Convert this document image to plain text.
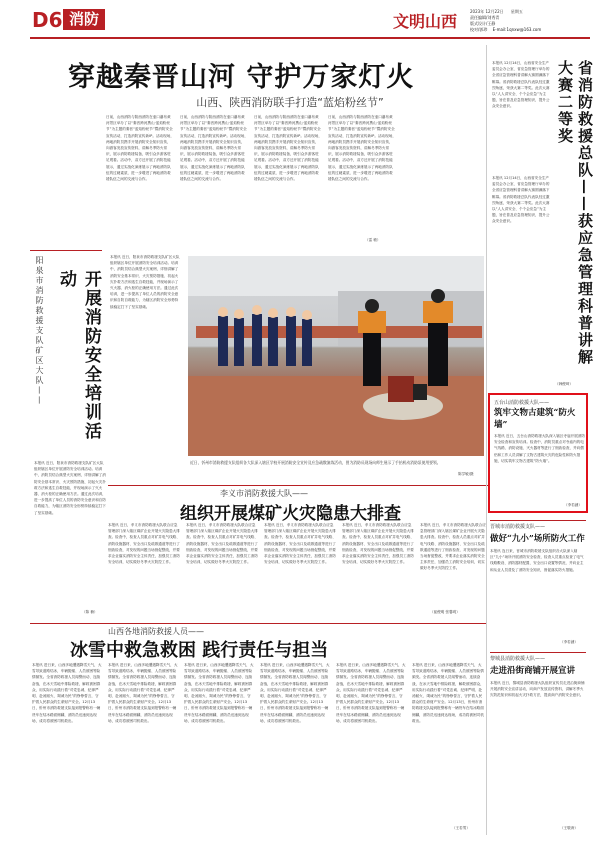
D6 消防	文明山西
2023年 12月22日 星期五
责任编辑/刘秀青
版式设计/王静
校对/郭珍 E-mail:1qnxw@163.com
穿越秦晋山河 守护万家灯火
山西、陕西消防联手打造“蓝焰粉丝节”
日前，山西消防与陕西消防在壶口瀑布黄河景区举办了以“秦晋跨河携山·蓝焰粉丝节”为主题的秦晋“蓝焰粉丝节”暨消防安全宣传活动，打造消防宣传新IP。活动现场，两地消防员携手开展消防安全知识宣传，向游客发放宣传资料，讲解冬季防火常识，展示消防救援装备，吸引众多游客驻足观看。活动中，双方还开展了消防技能展示，通过实战化演练展示了两地消防队伍的过硬素质，进一步增进了两地消防救援队伍之间的交流与合作。
日前，山西消防与陕西消防在壶口瀑布黄河景区举办了以“秦晋跨河携山·蓝焰粉丝节”为主题的秦晋“蓝焰粉丝节”暨消防安全宣传活动，打造消防宣传新IP。活动现场，两地消防员携手开展消防安全知识宣传，向游客发放宣传资料，讲解冬季防火常识，展示消防救援装备，吸引众多游客驻足观看。活动中，双方还开展了消防技能展示，通过实战化演练展示了两地消防队伍的过硬素质，进一步增进了两地消防救援队伍之间的交流与合作。
日前，山西消防与陕西消防在壶口瀑布黄河景区举办了以“秦晋跨河携山·蓝焰粉丝节”为主题的秦晋“蓝焰粉丝节”暨消防安全宣传活动，打造消防宣传新IP。活动现场，两地消防员携手开展消防安全知识宣传，向游客发放宣传资料，讲解冬季防火常识，展示消防救援装备，吸引众多游客驻足观看。活动中，双方还开展了消防技能展示，通过实战化演练展示了两地消防队伍的过硬素质，进一步增进了两地消防救援队伍之间的交流与合作。
日前，山西消防与陕西消防在壶口瀑布黄河景区举办了以“秦晋跨河携山·蓝焰粉丝节”为主题的秦晋“蓝焰粉丝节”暨消防安全宣传活动，打造消防宣传新IP。活动现场，两地消防员携手开展消防安全知识宣传，向游客发放宣传资料，讲解冬季防火常识，展示消防救援装备，吸引众多游客驻足观看。活动中，双方还开展了消防技能展示，通过实战化演练展示了两地消防队伍的过硬素质，进一步增进了两地消防救援队伍之间的交流与合作。
（雷 敏）
阳泉市消防救援支队矿区大队——	开展消防安全培训活动
本报讯 近日，阳泉市消防救援支队矿区大队组织辖区单位开展消防安全培训活动。培训中，消防员结合典型火灾案例，详细讲解了消防安全基本常识、火灾预防措施、初起火灾扑救方法和逃生自救技能，并现场演示了灭火器、消火栓的正确使用方法。通过此次培训，进一步提高了单位人员的消防安全意识和自防自救能力，为辖区消防安全形势持续稳定打下了坚实基础。
本报讯 近日，阳泉市消防救援支队矿区大队组织辖区单位开展消防安全培训活动。培训中，消防员结合典型火灾案例，详细讲解了消防安全基本常识、火灾预防措施、初起火灾扑救方法和逃生自救技能，并现场演示了灭火器、消火栓的正确使用方法。通过此次培训，进一步提高了单位人员的消防安全意识和自防自救能力，为辖区消防安全形势持续稳定打下了坚实基础。
（陈 楠）
近日，忻州市消防救援支队组织各大队深入辖区学校开展消防安全宣传及应急疏散演练活动，图为消防员现场向师生展示了手抬机动消防泵使用要领。
陈学敏/摄
李义市消防救援大队——
组织开展煤矿火灾隐患大排查
本报讯 近日，孝义市消防救援大队联合应急管理部门深入辖区煤矿企业开展火灾隐患大排查。检查中，检查人员重点对矿井电气线路、消防设施器材、安全出口及疏散通道等进行了细致检查，对发现的问题当场督促整改，并要求企业落实消防安全主体责任，加强员工消防安全培训，切实做好冬季火灾防控工作。
本报讯 近日，孝义市消防救援大队联合应急管理部门深入辖区煤矿企业开展火灾隐患大排查。检查中，检查人员重点对矿井电气线路、消防设施器材、安全出口及疏散通道等进行了细致检查，对发现的问题当场督促整改，并要求企业落实消防安全主体责任，加强员工消防安全培训，切实做好冬季火灾防控工作。
本报讯 近日，孝义市消防救援大队联合应急管理部门深入辖区煤矿企业开展火灾隐患大排查。检查中，检查人员重点对矿井电气线路、消防设施器材、安全出口及疏散通道等进行了细致检查，对发现的问题当场督促整改，并要求企业落实消防安全主体责任，加强员工消防安全培训，切实做好冬季火灾防控工作。
本报讯 近日，孝义市消防救援大队联合应急管理部门深入辖区煤矿企业开展火灾隐患大排查。检查中，检查人员重点对矿井电气线路、消防设施器材、安全出口及疏散通道等进行了细致检查，对发现的问题当场督促整改，并要求企业落实消防安全主体责任，加强员工消防安全培训，切实做好冬季火灾防控工作。
本报讯 近日，孝义市消防救援大队联合应急管理部门深入辖区煤矿企业开展火灾隐患大排查。检查中，检查人员重点对矿井电气线路、消防设施器材、安全出口及疏散通道等进行了细致检查，对发现的问题当场督促整改，并要求企业落实消防安全主体责任，加强员工消防安全培训，切实做好冬季火灾防控工作。
（崔俊明 张馨玥）
山西各地消防救援人员——
冰雪中救急救困 践行责任与担当
本报讯 进日来，山西多地遭遇降雪天气，大雪导致道路结冰，车辆抛锚、人员被困等险情频发。全省消防救援人员闻警而动、连续奋战，在冰天雪地中排险救援，解救被困群众，用实际行动践行着“对党忠诚、纪律严明、赴汤蹈火、竭诚为民”的铮铮誓言，守护着人民群众的生命财产安全。12月13日，忻州市消防救援支队接到报警称有一辆货车在结冰路面侧翻，消防员迅速到达现场，成功将被困司机救出。
本报讯 进日来，山西多地遭遇降雪天气，大雪导致道路结冰，车辆抛锚、人员被困等险情频发。全省消防救援人员闻警而动、连续奋战，在冰天雪地中排险救援，解救被困群众，用实际行动践行着“对党忠诚、纪律严明、赴汤蹈火、竭诚为民”的铮铮誓言，守护着人民群众的生命财产安全。12月13日，忻州市消防救援支队接到报警称有一辆货车在结冰路面侧翻，消防员迅速到达现场，成功将被困司机救出。
本报讯 进日来，山西多地遭遇降雪天气，大雪导致道路结冰，车辆抛锚、人员被困等险情频发。全省消防救援人员闻警而动、连续奋战，在冰天雪地中排险救援，解救被困群众，用实际行动践行着“对党忠诚、纪律严明、赴汤蹈火、竭诚为民”的铮铮誓言，守护着人民群众的生命财产安全。12月13日，忻州市消防救援支队接到报警称有一辆货车在结冰路面侧翻，消防员迅速到达现场，成功将被困司机救出。
本报讯 进日来，山西多地遭遇降雪天气，大雪导致道路结冰，车辆抛锚、人员被困等险情频发。全省消防救援人员闻警而动、连续奋战，在冰天雪地中排险救援，解救被困群众，用实际行动践行着“对党忠诚、纪律严明、赴汤蹈火、竭诚为民”的铮铮誓言，守护着人民群众的生命财产安全。12月13日，忻州市消防救援支队接到报警称有一辆货车在结冰路面侧翻，消防员迅速到达现场，成功将被困司机救出。
本报讯 进日来，山西多地遭遇降雪天气，大雪导致道路结冰，车辆抛锚、人员被困等险情频发。全省消防救援人员闻警而动、连续奋战，在冰天雪地中排险救援，解救被困群众，用实际行动践行着“对党忠诚、纪律严明、赴汤蹈火、竭诚为民”的铮铮誓言，守护着人民群众的生命财产安全。12月13日，忻州市消防救援支队接到报警称有一辆货车在结冰路面侧翻，消防员迅速到达现场，成功将被困司机救出。
本报讯 进日来，山西多地遭遇降雪天气，大雪导致道路结冰，车辆抛锚、人员被困等险情频发。全省消防救援人员闻警而动、连续奋战，在冰天雪地中排险救援，解救被困群众，用实际行动践行着“对党忠诚、纪律严明、赴汤蹈火、竭诚为民”的铮铮誓言，守护着人民群众的生命财产安全。12月13日，忻州市消防救援支队接到报警称有一辆货车在结冰路面侧翻，消防员迅速到达现场，成功将被困司机救出。
（王若男）
本报讯 12月14日，山西省安全生产委员会办公室、省应急管理厅举办的全省应急管理科普讲解大赛圆满落下帷幕。省消防救援总队代表队经过激烈角逐，荣获大赛二等奖。此次大赛以“人人讲安全、个个会应急”为主题，旨在普及应急管理知识，提升公众安全意识。	省消防救援总队——获应急管理科普讲解大赛二等奖
本报讯 12月14日，山西省安全生产委员会办公室、省应急管理厅举办的全省应急管理科普讲解大赛圆满落下帷幕。省消防救援总队代表队经过激烈角逐，荣获大赛二等奖。此次大赛以“人人讲安全、个个会应急”为主题，旨在普及应急管理知识，提升公众安全意识。
（韩俊琦）
五台山消防救援大队——
筑牢文物古建筑“防火墙”
本报讯 近日，五台山消防救援大队深入辖区寺庙开展消防安全检查和宣传培训。检查中，消防员重点对寺庙内的电气线路、消防设施、灭火器材等进行了细致检查，并向僧侣和工作人员讲解了文物古建筑火灾的危险性和防火措施，切实筑牢文物古建筑“防火墙”。
（李若涵）
晋城市消防救援支队——
做好“九小”场所防火工作
本报讯 连日来，晋城市消防救援支队组织各大队深入辖区“九小”场所开展消防安全检查，检查人员重点检查了电气线路敷设、消防器材配置、安全出口设置等情况，并向业主和从业人员普及了消防安全知识，督促落实防火措施。
（李若涵）
黎城县消防救援大队——
走进沿街商铺开展宣讲
本报讯 近日，黎城县消防救援大队组织宣传员走进沿街商铺开展消防安全宣讲活动，向商户发放宣传资料，讲解冬季火灾防范知识和初起火灾扑救方法，提高商户消防安全意识。
（王敬涛）
